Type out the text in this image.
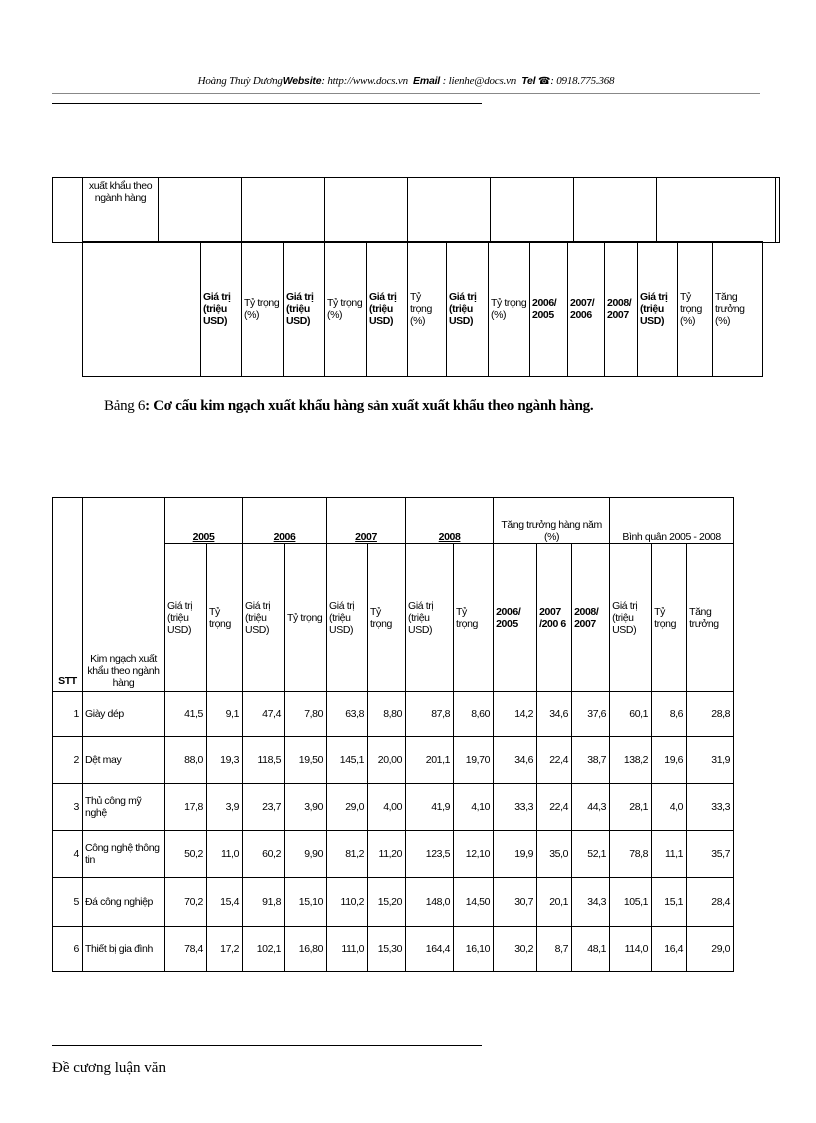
Hoàng Thuỳ DươngWebsite: http://www.docs.vn Email : lienhe@docs.vn Tel ☎: 0918.775.368
	xuất khẩu theo ngành hàng								
	Giá trị (triệu USD)	Tỷ trọng (%)	Giá trị (triệu USD)	Tỷ trọng (%)	Giá trị (triệu USD)	Tỷ trọng (%)	Giá trị (triệu USD)	Tỷ trọng (%)	2006/ 2005	2007/ 2006	2008/ 2007	Giá trị (triệu USD)	Tỷ trọng (%)	Tăng trưởng (%)
Bảng 6: Cơ cấu kim ngạch xuất khẩu hàng sản xuất xuất khẩu theo ngành hàng.
STT	Kim ngạch xuất khẩu theo ngành hàng	2005		2006		2007		2008		Tăng trưởng hàng năm (%)			Bình quân 2005 - 2008		
		Giá trị (triệu USD)	Tỷ trọng	Giá trị (triệu USD)	Tỷ trọng	Giá trị (triệu USD)	Tỷ trọng	Giá trị (triệu USD)	Tỷ trọng	2006/ 2005	2007 /200 6	2008/ 2007	Giá trị (triệu USD)	Tỷ trọng	Tăng trưởng
1	Giày dép	41,5	9,1	47,4	7,80	63,8	8,80	87,8	8,60	14,2	34,6	37,6	60,1	8,6	28,8
2	Dệt may	88,0	19,3	118,5	19,50	145,1	20,00	201,1	19,70	34,6	22,4	38,7	138,2	19,6	31,9
3	Thủ công mỹ nghệ	17,8	3,9	23,7	3,90	29,0	4,00	41,9	4,10	33,3	22,4	44,3	28,1	4,0	33,3
4	Công nghệ thông tin	50,2	11,0	60,2	9,90	81,2	11,20	123,5	12,10	19,9	35,0	52,1	78,8	11,1	35,7
5	Đá công nghiệp	70,2	15,4	91,8	15,10	110,2	15,20	148,0	14,50	30,7	20,1	34,3	105,1	15,1	28,4
6	Thiết bị gia đình	78,4	17,2	102,1	16,80	111,0	15,30	164,4	16,10	30,2	8,7	48,1	114,0	16,4	29,0
Đề cương luận văn
